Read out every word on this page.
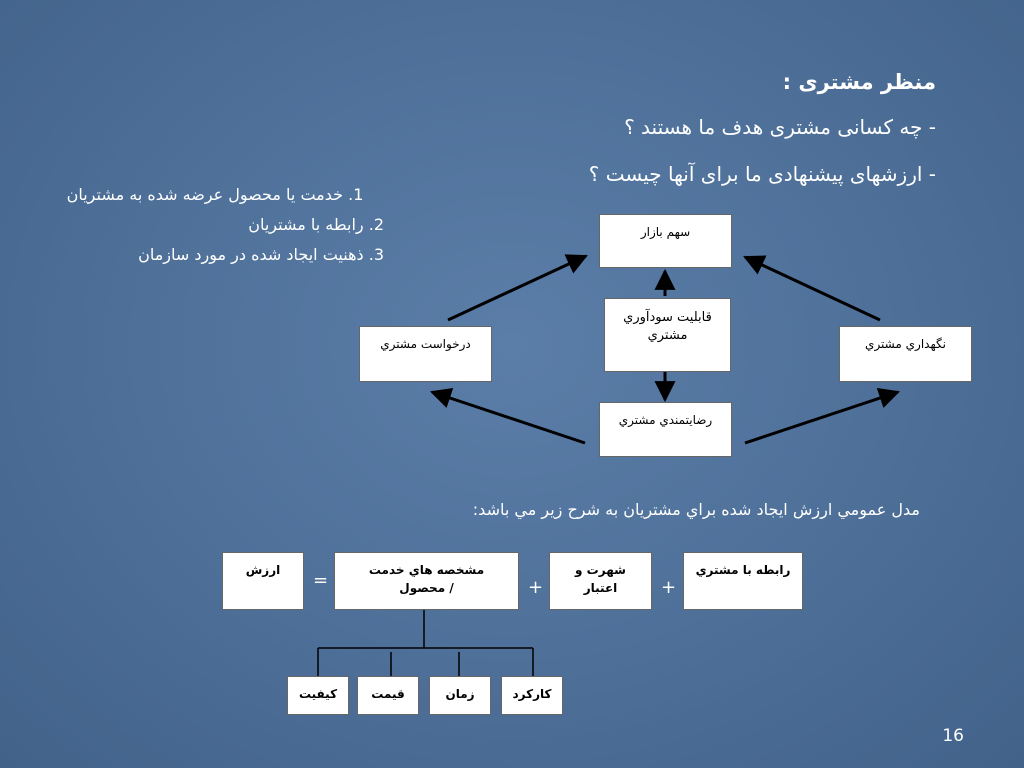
منظر مشتری :
- چه کسانی مشتری هدف ما هستند ؟
- ارزشهای پیشنهادی ما برای آنها چیست ؟
1. خدمت يا محصول عرضه شده به مشتريان
2. رابطه با مشتريان
3. ذهنیت ایجاد شده در مورد سازمان
سهم بازار
قابليت سودآوري مشتري
درخواست مشتري	نگهداري مشتري
رضايتمندي مشتري
مدل عمومي ارزش ايجاد شده براي مشتريان به شرح زير مي باشد:
ارزش	=	مشخصه هاي خدمت / محصول	+
شهرت و اعتبار	+
رابطه با مشتري
كيفيت	قيمت	زمان	كاركرد
16
